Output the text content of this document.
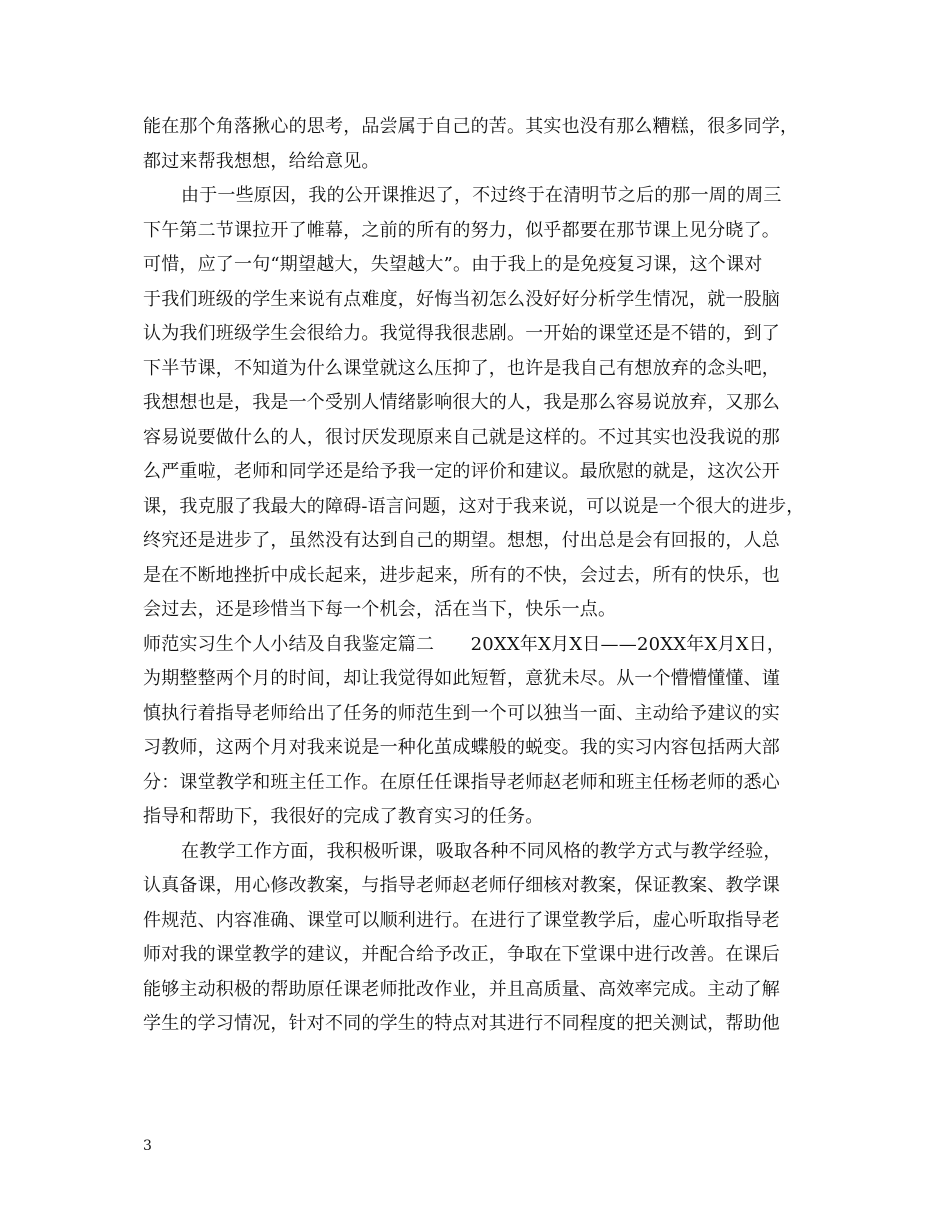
能在那个角落揪心的思考，品尝属于自己的苦。其实也没有那么糟糕，很多同学，
都过来帮我想想，给给意见。
由于一些原因，我的公开课推迟了，不过终于在清明节之后的那一周的周三
下午第二节课拉开了帷幕，之前的所有的努力，似乎都要在那节课上见分晓了。
可惜，应了一句“期望越大，失望越大”。由于我上的是免疫复习课，这个课对
于我们班级的学生来说有点难度，好悔当初怎么没好好分析学生情况，就一股脑
认为我们班级学生会很给力。我觉得我很悲剧。一开始的课堂还是不错的，到了
下半节课，不知道为什么课堂就这么压抑了，也许是我自己有想放弃的念头吧，
我想想也是，我是一个受别人情绪影响很大的人，我是那么容易说放弃，又那么
容易说要做什么的人，很讨厌发现原来自己就是这样的。不过其实也没我说的那
么严重啦，老师和同学还是给予我一定的评价和建议。最欣慰的就是，这次公开
课，我克服了我最大的障碍-语言问题，这对于我来说，可以说是一个很大的进步，
终究还是进步了，虽然没有达到自己的期望。想想，付出总是会有回报的，人总
是在不断地挫折中成长起来，进步起来，所有的不快，会过去，所有的快乐，也
会过去，还是珍惜当下每一个机会，活在当下，快乐一点。
师范实习生个人小结及自我鉴定篇二　　20XX年X月X日——20XX年X月X日，
为期整整两个月的时间，却让我觉得如此短暂，意犹未尽。从一个懵懵懂懂、谨
慎执行着指导老师给出了任务的师范生到一个可以独当一面、主动给予建议的实
习教师，这两个月对我来说是一种化茧成蝶般的蜕变。我的实习内容包括两大部
分：课堂教学和班主任工作。在原任任课指导老师赵老师和班主任杨老师的悉心
指导和帮助下，我很好的完成了教育实习的任务。
在教学工作方面，我积极听课，吸取各种不同风格的教学方式与教学经验，
认真备课，用心修改教案，与指导老师赵老师仔细核对教案，保证教案、教学课
件规范、内容准确、课堂可以顺利进行。在进行了课堂教学后，虚心听取指导老
师对我的课堂教学的建议，并配合给予改正，争取在下堂课中进行改善。在课后
能够主动积极的帮助原任课老师批改作业，并且高质量、高效率完成。主动了解
学生的学习情况，针对不同的学生的特点对其进行不同程度的把关测试，帮助他
3
